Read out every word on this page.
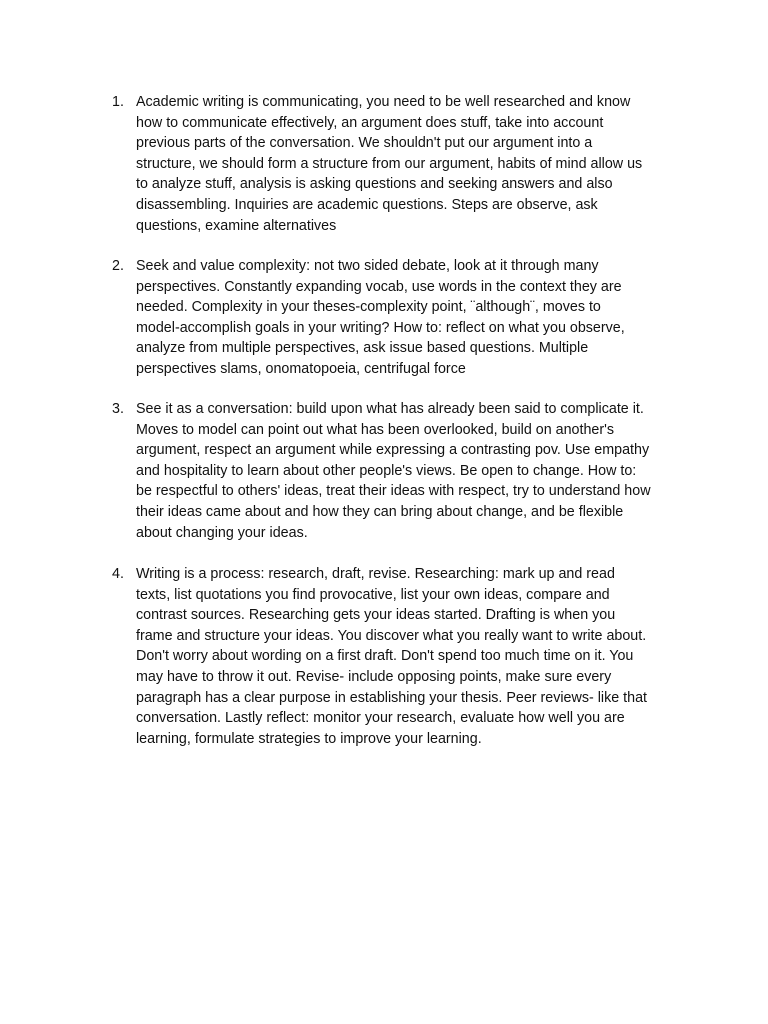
1. Academic writing is communicating, you need to be well researched and know
how to communicate effectively, an argument does stuff, take into account
previous parts of the conversation. We shouldn't put our argument into a
structure, we should form a structure from our argument, habits of mind allow us
to analyze stuff, analysis is asking questions and seeking answers and also
disassembling. Inquiries are academic questions. Steps are observe, ask
questions, examine alternatives
2. Seek and value complexity: not two sided debate, look at it through many
perspectives. Constantly expanding vocab, use words in the context they are
needed. Complexity in your theses-complexity point, ¨although¨, moves to
model-accomplish goals in your writing? How to: reflect on what you observe,
analyze from multiple perspectives, ask issue based questions. Multiple
perspectives slams, onomatopoeia, centrifugal force
3. See it as a conversation: build upon what has already been said to complicate it.
Moves to model can point out what has been overlooked, build on another's
argument, respect an argument while expressing a contrasting pov. Use empathy
and hospitality to learn about other people's views. Be open to change. How to:
be respectful to others' ideas, treat their ideas with respect, try to understand how
their ideas came about and how they can bring about change, and be flexible
about changing your ideas.
4. Writing is a process: research, draft, revise. Researching: mark up and read
texts, list quotations you find provocative, list your own ideas, compare and
contrast sources. Researching gets your ideas started. Drafting is when you
frame and structure your ideas. You discover what you really want to write about.
Don't worry about wording on a first draft. Don't spend too much time on it. You
may have to throw it out. Revise- include opposing points, make sure every
paragraph has a clear purpose in establishing your thesis. Peer reviews- like that
conversation. Lastly reflect: monitor your research, evaluate how well you are
learning, formulate strategies to improve your learning.
